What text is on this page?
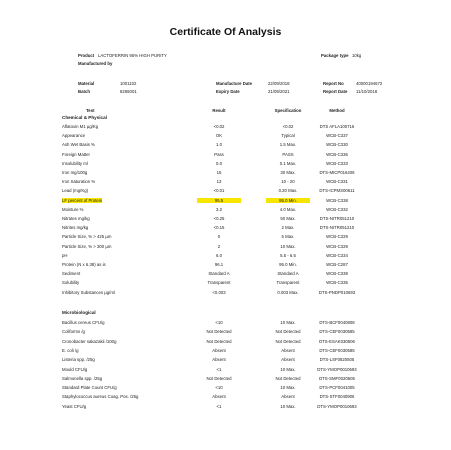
Certificate Of Analysis
Product LACTOFERRIN 95% HIGH PURITY	Package type 10kg
Manufactured by
Material	1001102	Manufacture Date	22/09/2018	Report No	40000194672
Batch	8265001	Expiry Date	21/09/2021	Report Date 11/10/2018
Test	Result	Specification	Method
Chemical & Physical
Aflatoxin M1 µg/Kg	<0.02	<0.02	DTS AFLA100716
Appearance	OK	Typical	WCB-C337
Ash Wet Basis %	1.0	1.5 Max.	WCB-C330
Foreign Matter	Pass	PASS	WCB-C336
Insolubility ml	0.0	0.1 Max.	WCB-C333
Iron mg/100g	15	30 Max.	DTS-MICP016406
Iron Saturation %	13	10 - 20	WCB-C331
Lead (mg/Kg)	<0.01	0.20 Max.	DTS-ICPMS00611
LF percent of Protein	95.5	95.0 Min.	WCB-C338
Moisture %	3.2	4.0 Max.	WCB-C332
Nitrates mg/kg	<0.25	50 Max.	DTS-NITR051210
Nitrites mg/kg	<0.15	2 Max.	DTS-NITR051210
Particle Size, % > 425 µm	0	5 Max.	WCB-C329
Particle Size, % > 300 µm	2	10 Max.	WCB-C329
pH	6.0	5.5 - 6.5	WCB-C334
Protein (N x 6.38) as is	96.1	95.0 Min.	WCB-C287
Sediment	Standard A	Standard A	WCB-C339
Solubility	Transparent	Transparent	WCB-C335
Inhibitory Substances µg/ml	<0.003	0.003 Max.	DTS-PNDP010693
Microbiological
Bacillus cereus CFU/g	<10	10 Max.	DTS-BCF0040808
Coliforms /g	Not Detected	Not Detected	DTS-CEF0030585
Cronobacter sakazakii /100g	Not Detected	Not Detected	DTS-ESAK030506
E. coli /g	Absent	Absent	DTS-CEF0030585
Listeria spp. /25g	Absent	Absent	DTS-LSF0820505
Mould CFU/g	<1	10 Max.	DTS-YMOP0010693
Salmonella spp. /25g	Not Detected	Not Detected	DTS-SMF0020505
Standard Plate Count CFU/g	<10	10 Max.	DTS-PCF0041005
Staphylococcus aureus Coag. Pos. /25g	Absent	Absent	DTS-STF0040906
Yeast CFU/g	<1	10 Max.	DTS-YMOP0010693
